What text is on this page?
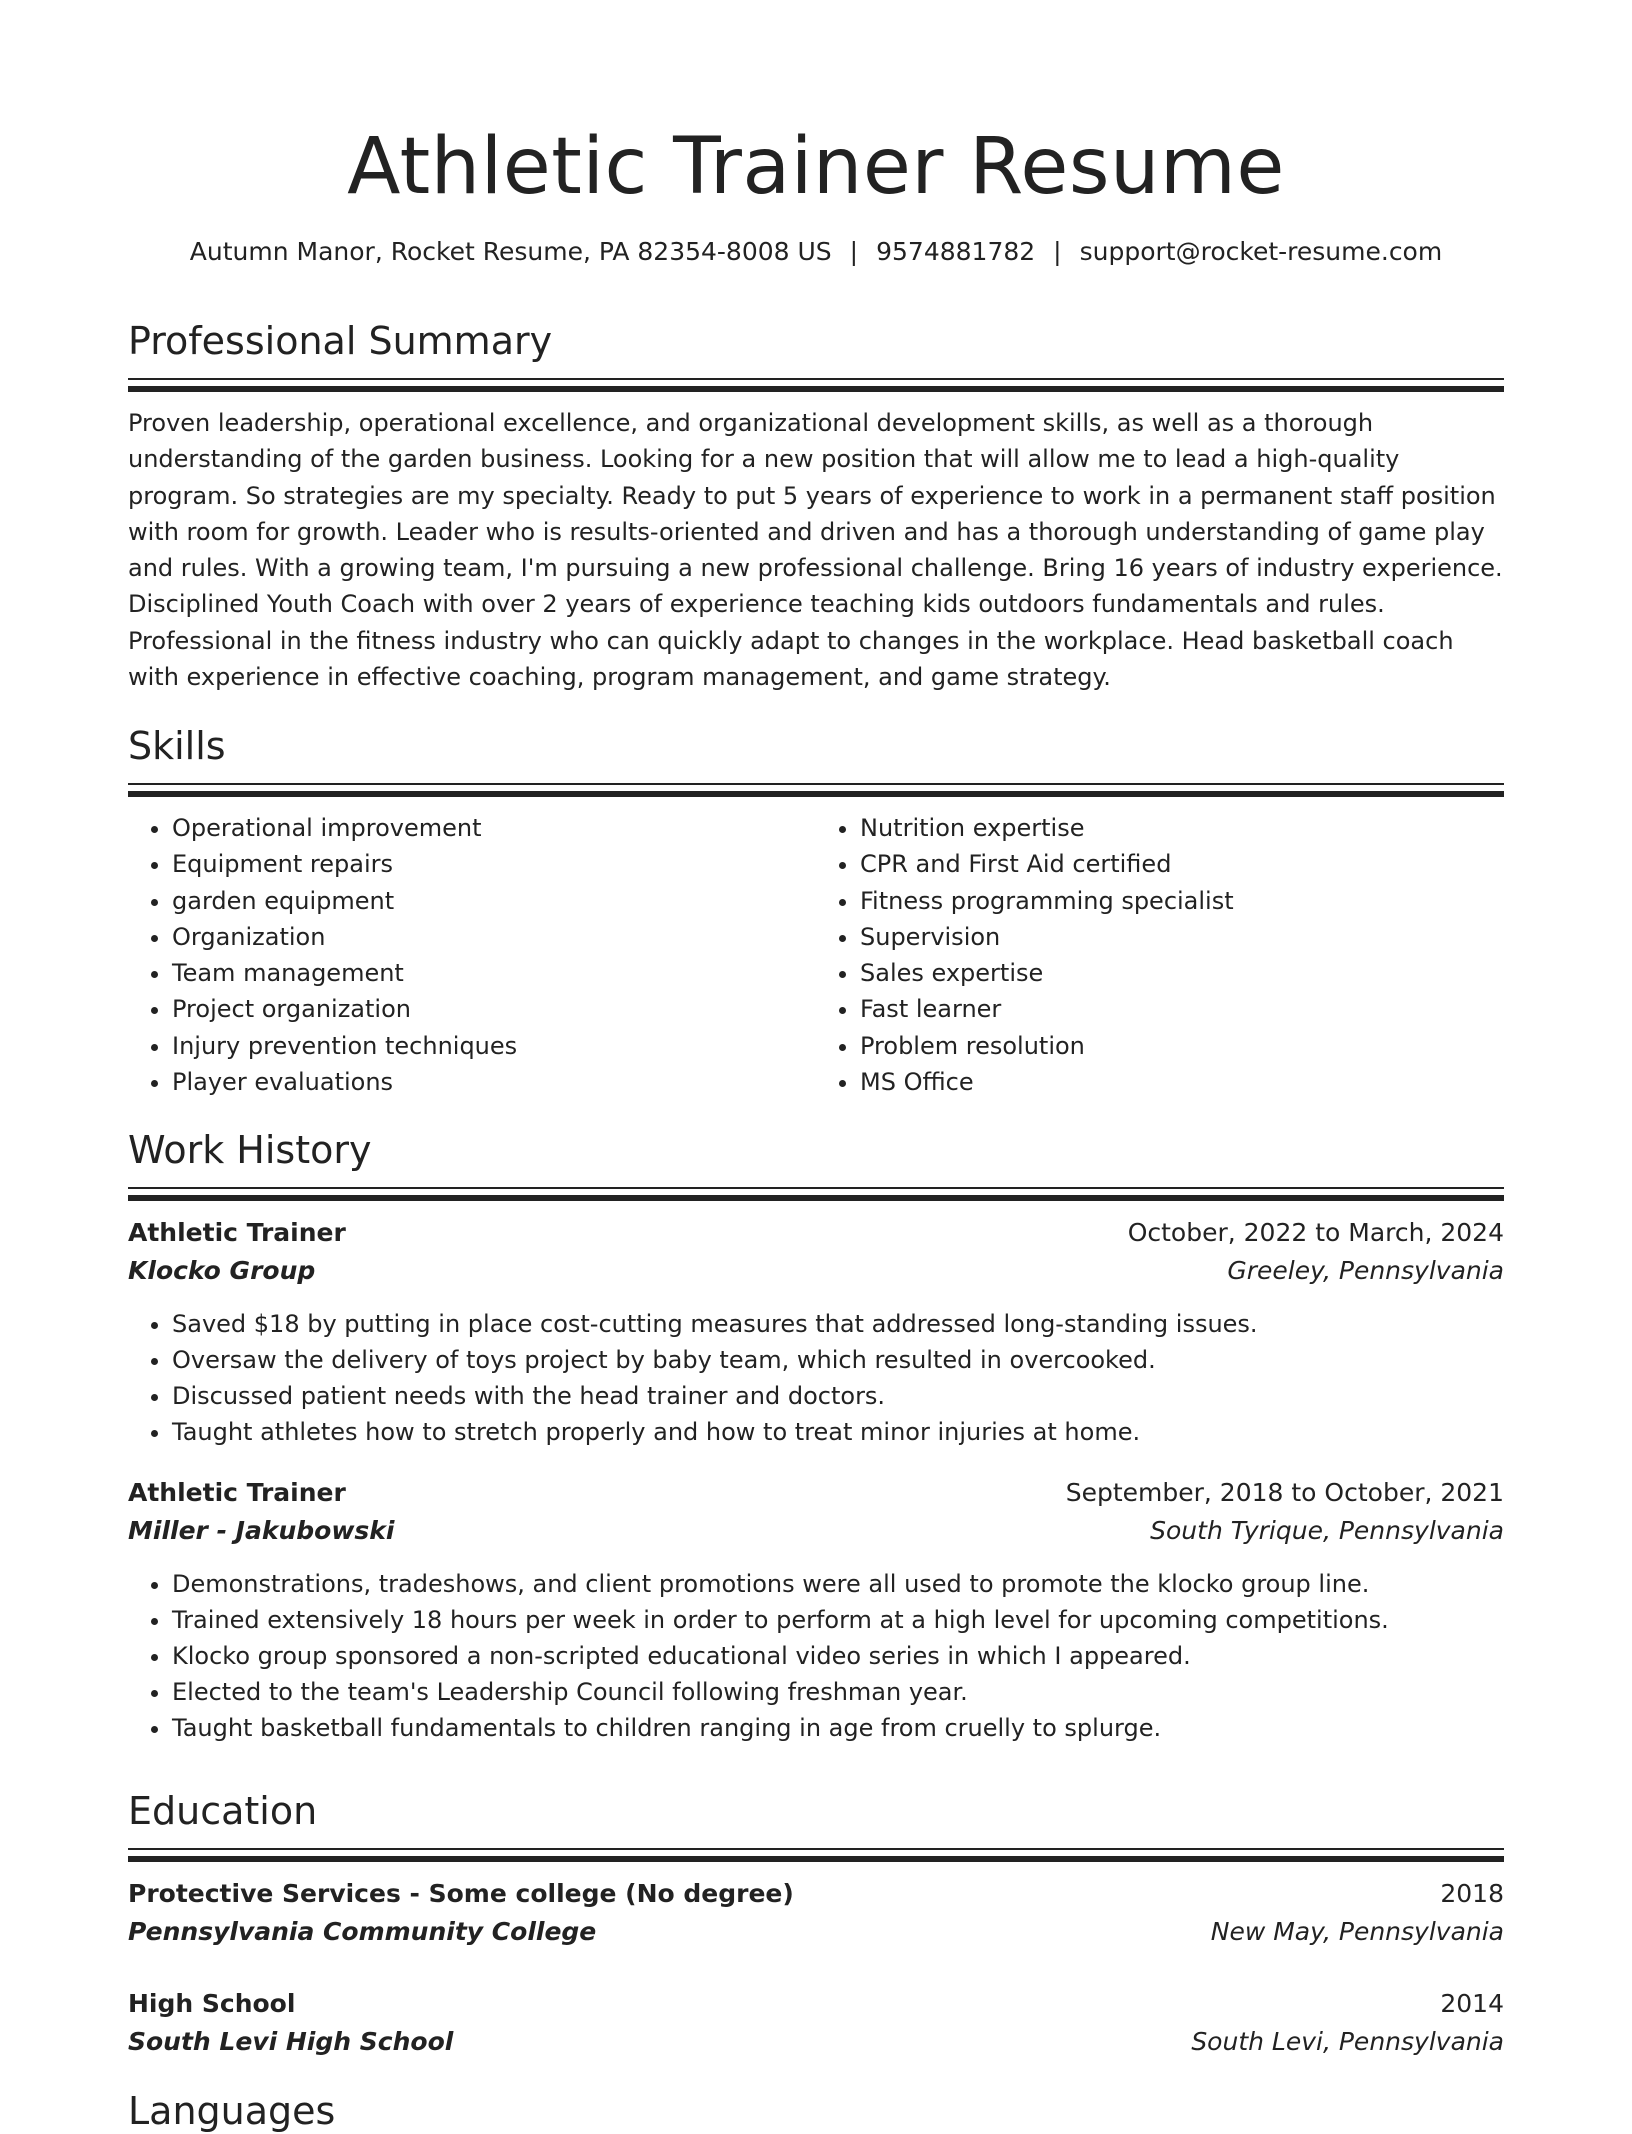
Athletic Trainer Resume
Autumn Manor, Rocket Resume, PA 82354-8008 US | 9574881782 | support@rocket-resume.com
Professional Summary
Proven leadership, operational excellence, and organizational development skills, as well as a thorough understanding of the garden business. Looking for a new position that will allow me to lead a high-quality program. So strategies are my specialty. Ready to put 5 years of experience to work in a permanent staff position with room for growth. Leader who is results-oriented and driven and has a thorough understanding of game play and rules. With a growing team, I'm pursuing a new professional challenge. Bring 16 years of industry experience. Disciplined Youth Coach with over 2 years of experience teaching kids outdoors fundamentals and rules. Professional in the fitness industry who can quickly adapt to changes in the workplace. Head basketball coach with experience in effective coaching, program management, and game strategy.
Skills
• Operational improvement
• Equipment repairs
• garden equipment
• Organization
• Team management
• Project organization
• Injury prevention techniques
• Player evaluations
• Nutrition expertise
• CPR and First Aid certified
• Fitness programming specialist
• Supervision
• Sales expertise
• Fast learner
• Problem resolution
• MS Office
Work History
Athletic Trainer	October, 2022 to March, 2024
Klocko Group	Greeley, Pennsylvania
• Saved $18 by putting in place cost-cutting measures that addressed long-standing issues.
• Oversaw the delivery of toys project by baby team, which resulted in overcooked.
• Discussed patient needs with the head trainer and doctors.
• Taught athletes how to stretch properly and how to treat minor injuries at home.
Athletic Trainer	September, 2018 to October, 2021
Miller - Jakubowski	South Tyrique, Pennsylvania
• Demonstrations, tradeshows, and client promotions were all used to promote the klocko group line.
• Trained extensively 18 hours per week in order to perform at a high level for upcoming competitions.
• Klocko group sponsored a non-scripted educational video series in which I appeared.
• Elected to the team's Leadership Council following freshman year.
• Taught basketball fundamentals to children ranging in age from cruelly to splurge.
Education
Protective Services - Some college (No degree)	2018
Pennsylvania Community College	New May, Pennsylvania
High School	2014
South Levi High School	South Levi, Pennsylvania
Languages
